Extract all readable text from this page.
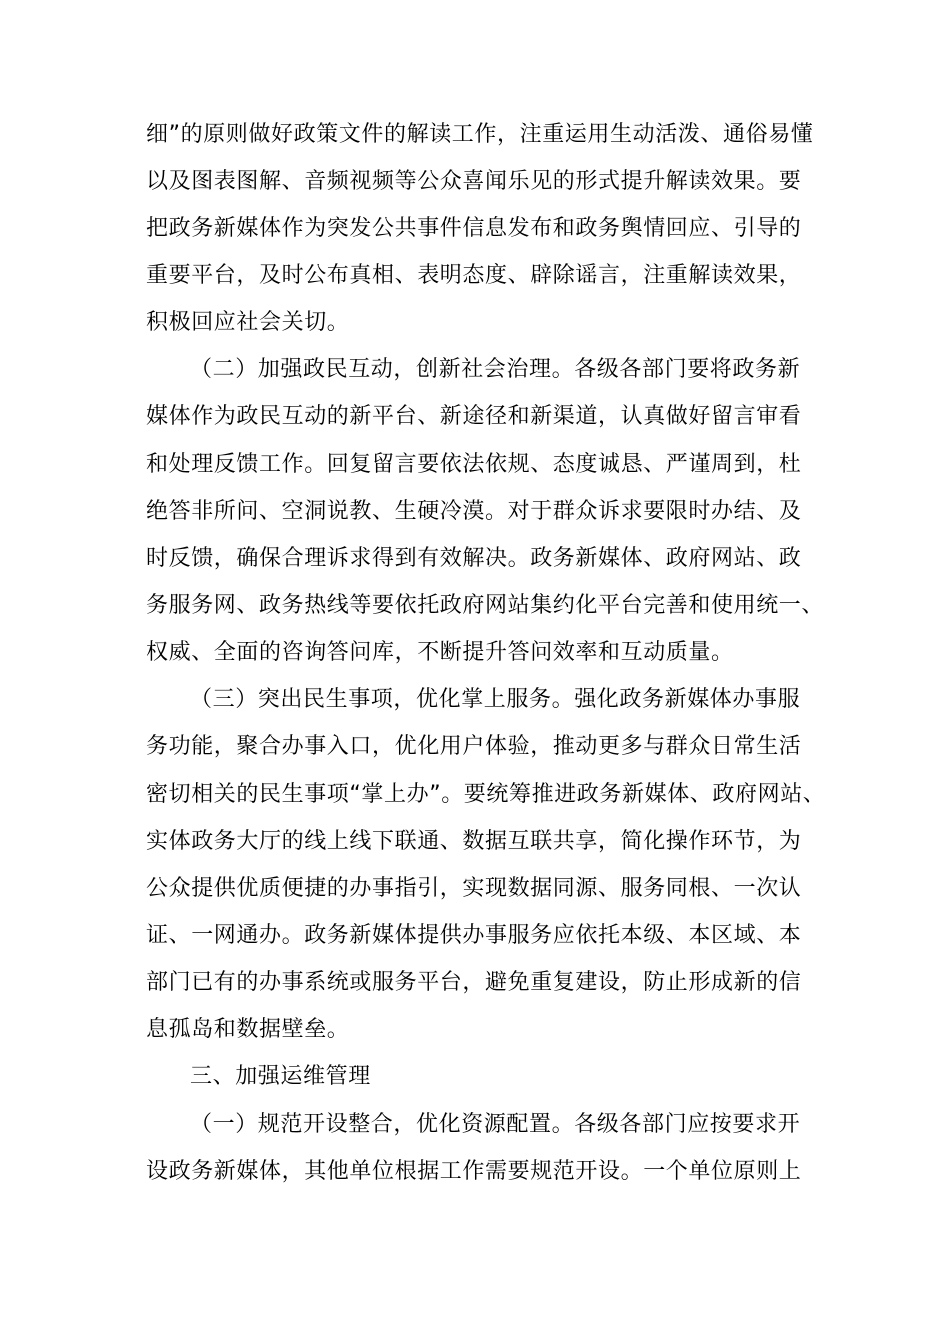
细”的原则做好政策文件的解读工作，注重运用生动活泼、通俗易懂
以及图表图解、音频视频等公众喜闻乐见的形式提升解读效果。要
把政务新媒体作为突发公共事件信息发布和政务舆情回应、引导的
重要平台，及时公布真相、表明态度、辟除谣言，注重解读效果，
积极回应社会关切。
（二）加强政民互动，创新社会治理。各级各部门要将政务新
媒体作为政民互动的新平台、新途径和新渠道，认真做好留言审看
和处理反馈工作。回复留言要依法依规、态度诚恳、严谨周到，杜
绝答非所问、空洞说教、生硬冷漠。对于群众诉求要限时办结、及
时反馈，确保合理诉求得到有效解决。政务新媒体、政府网站、政
务服务网、政务热线等要依托政府网站集约化平台完善和使用统一、
权威、全面的咨询答问库，不断提升答问效率和互动质量。
（三）突出民生事项，优化掌上服务。强化政务新媒体办事服
务功能，聚合办事入口，优化用户体验，推动更多与群众日常生活
密切相关的民生事项“掌上办”。要统筹推进政务新媒体、政府网站、
实体政务大厅的线上线下联通、数据互联共享，简化操作环节，为
公众提供优质便捷的办事指引，实现数据同源、服务同根、一次认
证、一网通办。政务新媒体提供办事服务应依托本级、本区域、本
部门已有的办事系统或服务平台，避免重复建设，防止形成新的信
息孤岛和数据壁垒。
三、加强运维管理
（一）规范开设整合，优化资源配置。各级各部门应按要求开
设政务新媒体，其他单位根据工作需要规范开设。一个单位原则上
